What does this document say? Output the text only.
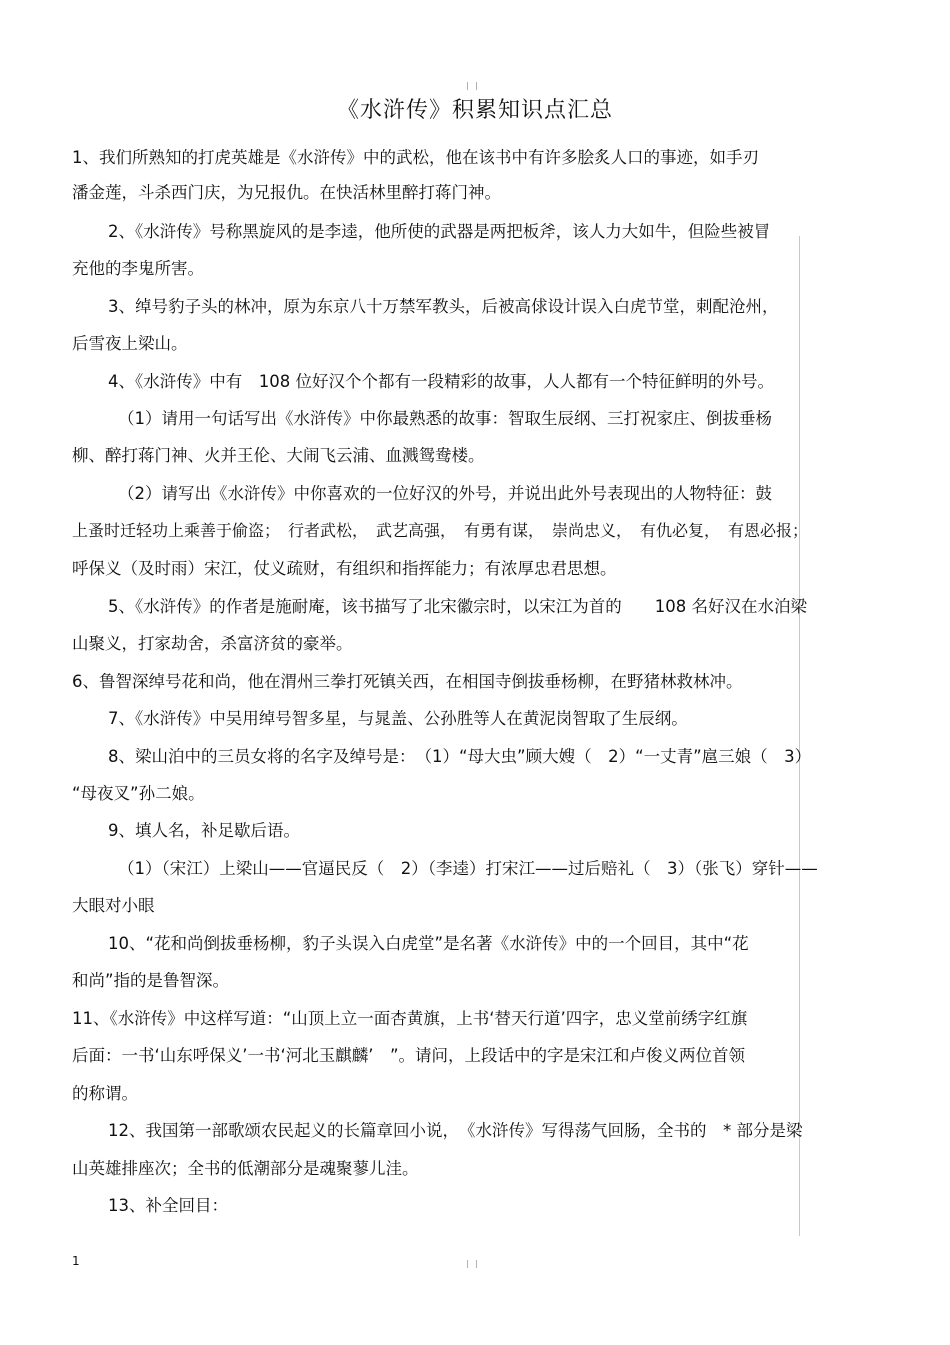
《水浒传》积累知识点汇总
1、我们所熟知的打虎英雄是《水浒传》中的武松，他在该书中有许多脍炙人口的事迹，如手刃
潘金莲，斗杀西门庆，为兄报仇。在快活林里醉打蒋门神。
2、《水浒传》号称黑旋风的是李逵，他所使的武器是两把板斧，该人力大如牛，但险些被冒
充他的李鬼所害。
3、绰号豹子头的林冲，原为东京八十万禁军教头，后被高俅设计误入白虎节堂，刺配沧州，
后雪夜上梁山。
4、《水浒传》中有　108 位好汉个个都有一段精彩的故事，人人都有一个特征鲜明的外号。
（1）请用一句话写出《水浒传》中你最熟悉的故事：智取生辰纲、三打祝家庄、倒拔垂杨
柳、醉打蒋门神、火并王伦、大闹飞云浦、血溅鸳鸯楼。
（2）请写出《水浒传》中你喜欢的一位好汉的外号，并说出此外号表现出的人物特征：鼓
上蚤时迁轻功上乘善于偷盗；　行者武松，　武艺高强，　有勇有谋，　崇尚忠义，　有仇必复，　有恩必报；
呼保义（及时雨）宋江，仗义疏财，有组织和指挥能力；有浓厚忠君思想。
5、《水浒传》的作者是施耐庵，该书描写了北宋徽宗时，以宋江为首的　　108 名好汉在水泊梁
山聚义，打家劫舍，杀富济贫的豪举。
6、鲁智深绰号花和尚，他在渭州三拳打死镇关西，在相国寺倒拔垂杨柳，在野猪林救林冲。
7、《水浒传》中吴用绰号智多星，与晁盖、公孙胜等人在黄泥岗智取了生辰纲。
8、梁山泊中的三员女将的名字及绰号是：　（1）“母大虫”顾大嫂（　2）“一丈青”扈三娘（　3）
“母夜叉”孙二娘。
9、填人名，补足歇后语。
（1）（宋江）上梁山——官逼民反（　2）（李逵）打宋江——过后赔礼（　3）（张飞）穿针——
大眼对小眼
10、“花和尚倒拔垂杨柳，豹子头误入白虎堂”是名著《水浒传》中的一个回目，其中“花
和尚”指的是鲁智深。
11、《水浒传》中这样写道：“山顶上立一面杏黄旗，上书‘替天行道’四字，忠义堂前绣字红旗
后面：一书‘山东呼保义’一书‘河北玉麒麟’　”。请问，上段话中的字是宋江和卢俊义两位首领
的称谓。
12、我国第一部歌颂农民起义的长篇章回小说，　《水浒传》写得荡气回肠，全书的　* 部分是梁
山英雄排座次；全书的低潮部分是魂聚蓼儿洼。
13、补全回目：
1
